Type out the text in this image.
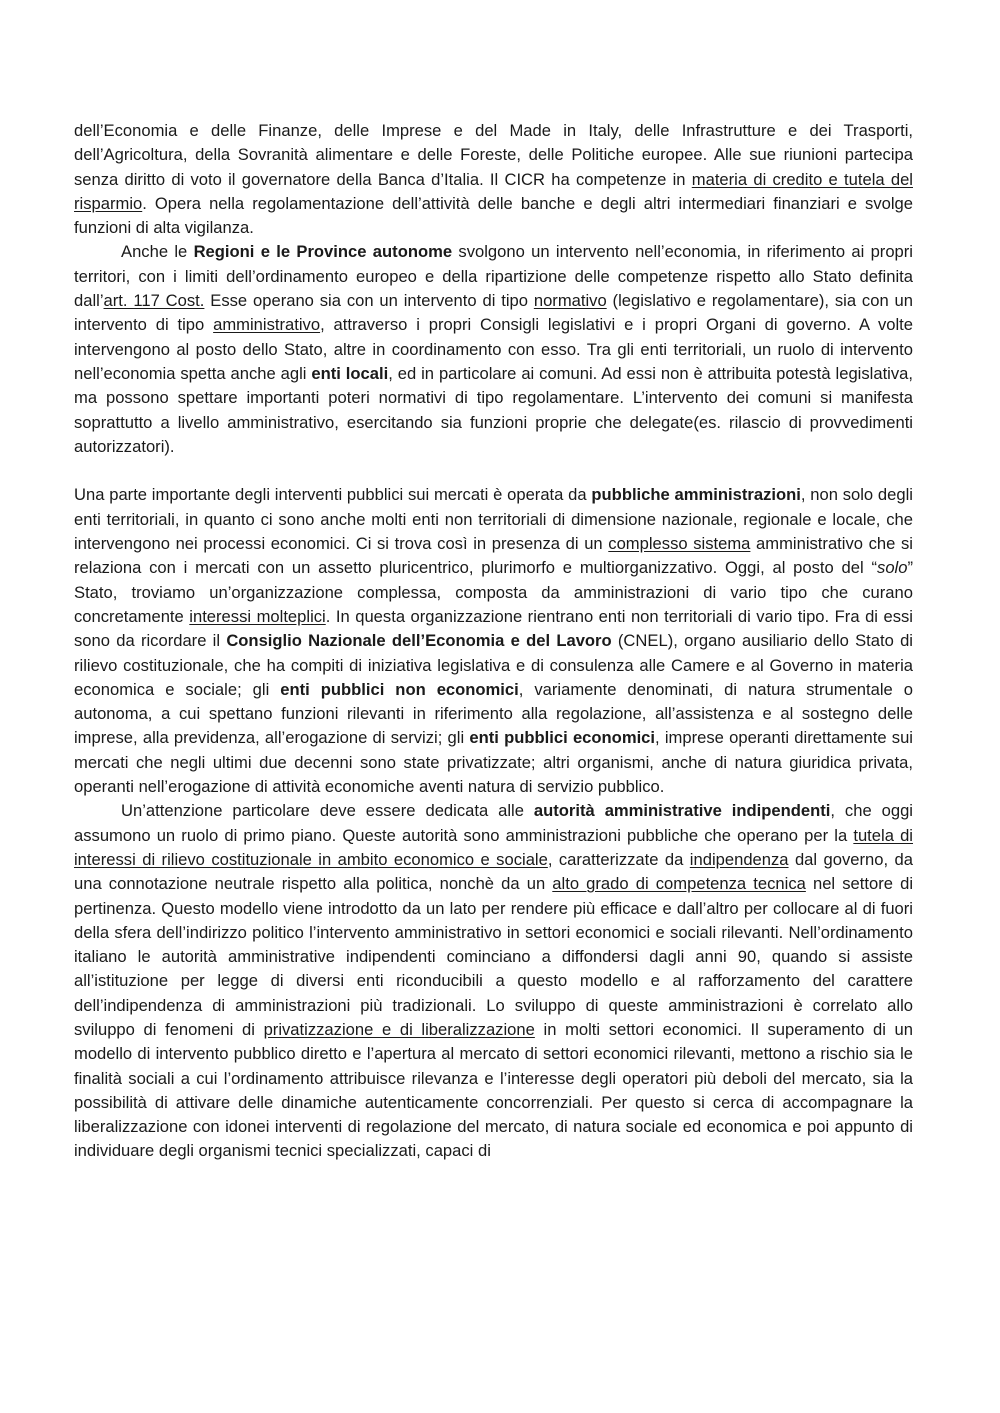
dell’Economia e delle Finanze, delle Imprese e del Made in Italy, delle Infrastrutture e dei Trasporti, dell’Agricoltura, della Sovranità alimentare e delle Foreste, delle Politiche europee. Alle sue riunioni partecipa senza diritto di voto il governatore della Banca d’Italia. Il CICR ha competenze in materia di credito e tutela del risparmio. Opera nella regolamentazione dell’attività delle banche e degli altri intermediari finanziari e svolge funzioni di alta vigilanza.

Anche le Regioni e le Province autonome svolgono un intervento nell’economia, in riferimento ai propri territori, con i limiti dell’ordinamento europeo e della ripartizione delle competenze rispetto allo Stato definita dall’art. 117 Cost. Esse operano sia con un intervento di tipo normativo (legislativo e regolamentare), sia con un intervento di tipo amministrativo, attraverso i propri Consigli legislativi e i propri Organi di governo. A volte intervengono al posto dello Stato, altre in coordinamento con esso. Tra gli enti territoriali, un ruolo di intervento nell’economia spetta anche agli enti locali, ed in particolare ai comuni. Ad essi non è attribuita potestà legislativa, ma possono spettare importanti poteri normativi di tipo regolamentare. L’intervento dei comuni si manifesta soprattutto a livello amministrativo, esercitando sia funzioni proprie che delegate(es. rilascio di provvedimenti autorizzatori).

Una parte importante degli interventi pubblici sui mercati è operata da pubbliche amministrazioni, non solo degli enti territoriali, in quanto ci sono anche molti enti non territoriali di dimensione nazionale, regionale e locale, che intervengono nei processi economici. Ci si trova così in presenza di un complesso sistema amministrativo che si relaziona con i mercati con un assetto pluricentrico, plurimorfo e multiorganizzativo. Oggi, al posto del “solo” Stato, troviamo un’organizzazione complessa, composta da amministrazioni di vario tipo che curano concretamente interessi molteplici. In questa organizzazione rientrano enti non territoriali di vario tipo. Fra di essi sono da ricordare il Consiglio Nazionale dell’Economia e del Lavoro (CNEL), organo ausiliario dello Stato di rilievo costituzionale, che ha compiti di iniziativa legislativa e di consulenza alle Camere e al Governo in materia economica e sociale; gli enti pubblici non economici, variamente denominati, di natura strumentale o autonoma, a cui spettano funzioni rilevanti in riferimento alla regolazione, all’assistenza e al sostegno delle imprese, alla previdenza, all’erogazione di servizi; gli enti pubblici economici, imprese operanti direttamente sui mercati che negli ultimi due decenni sono state privatizzate; altri organismi, anche di natura giuridica privata, operanti nell’erogazione di attività economiche aventi natura di servizio pubblico.

Un’attenzione particolare deve essere dedicata alle autorità amministrative indipendenti, che oggi assumono un ruolo di primo piano. Queste autorità sono amministrazioni pubbliche che operano per la tutela di interessi di rilievo costituzionale in ambito economico e sociale, caratterizzate da indipendenza dal governo, da una connotazione neutrale rispetto alla politica, nonchè da un alto grado di competenza tecnica nel settore di pertinenza. Questo modello viene introdotto da un lato per rendere più efficace e dall’altro per collocare al di fuori della sfera dell’indirizzo politico l’intervento amministrativo in settori economici e sociali rilevanti. Nell’ordinamento italiano le autorità amministrative indipendenti cominciano a diffondersi dagli anni 90, quando si assiste all’istituzione per legge di diversi enti riconducibili a questo modello e al rafforzamento del carattere dell’indipendenza di amministrazioni più tradizionali. Lo sviluppo di queste amministrazioni è correlato allo sviluppo di fenomeni di privatizzazione e di liberalizzazione in molti settori economici. Il superamento di un modello di intervento pubblico diretto e l’apertura al mercato di settori economici rilevanti, mettono a rischio sia le finalità sociali a cui l’ordinamento attribuisce rilevanza e l’interesse degli operatori più deboli del mercato, sia la possibilità di attivare delle dinamiche autenticamente concorrenziali. Per questo si cerca di accompagnare la liberalizzazione con idonei interventi di regolazione del mercato, di natura sociale ed economica e poi appunto di individuare degli organismi tecnici specializzati, capaci di
